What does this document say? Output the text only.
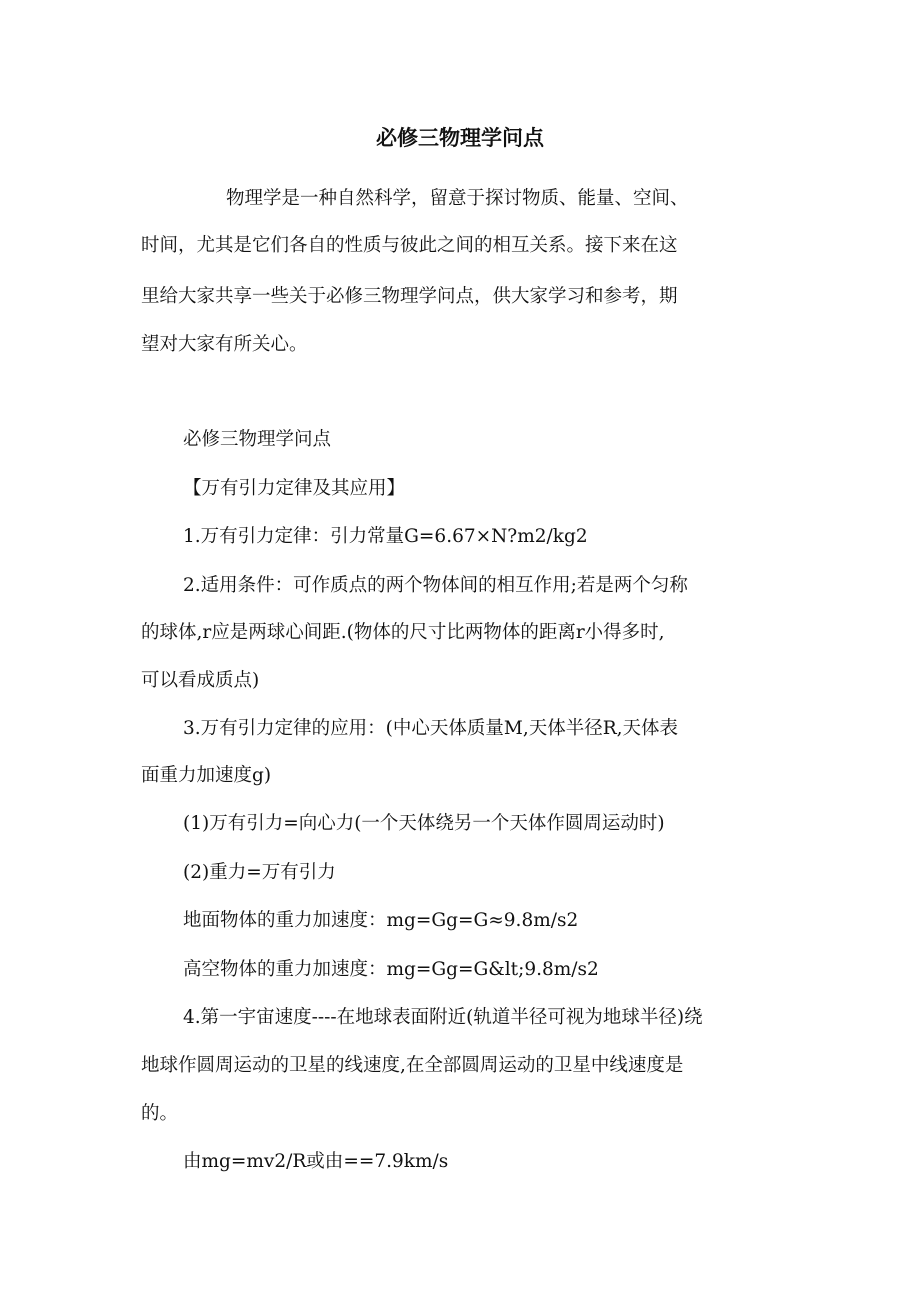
必修三物理学问点
物理学是一种自然科学，留意于探讨物质、能量、空间、
时间，尤其是它们各自的性质与彼此之间的相互关系。接下来在这
里给大家共享一些关于必修三物理学问点，供大家学习和参考，期
望对大家有所关心。
必修三物理学问点
【万有引力定律及其应用】
1.万有引力定律：引力常量G=6.67×N?m2/kg2
2.适用条件：可作质点的两个物体间的相互作用;若是两个匀称
的球体,r应是两球心间距.(物体的尺寸比两物体的距离r小得多时,
可以看成质点)
3.万有引力定律的应用：(中心天体质量M,天体半径R,天体表
面重力加速度g)
(1)万有引力=向心力(一个天体绕另一个天体作圆周运动时)
(2)重力=万有引力
地面物体的重力加速度：mg=Gg=G≈9.8m/s2
高空物体的重力加速度：mg=Gg=G&lt;9.8m/s2
4.第一宇宙速度----在地球表面附近(轨道半径可视为地球半径)绕
地球作圆周运动的卫星的线速度,在全部圆周运动的卫星中线速度是
的。
由mg=mv2/R或由==7.9km/s
